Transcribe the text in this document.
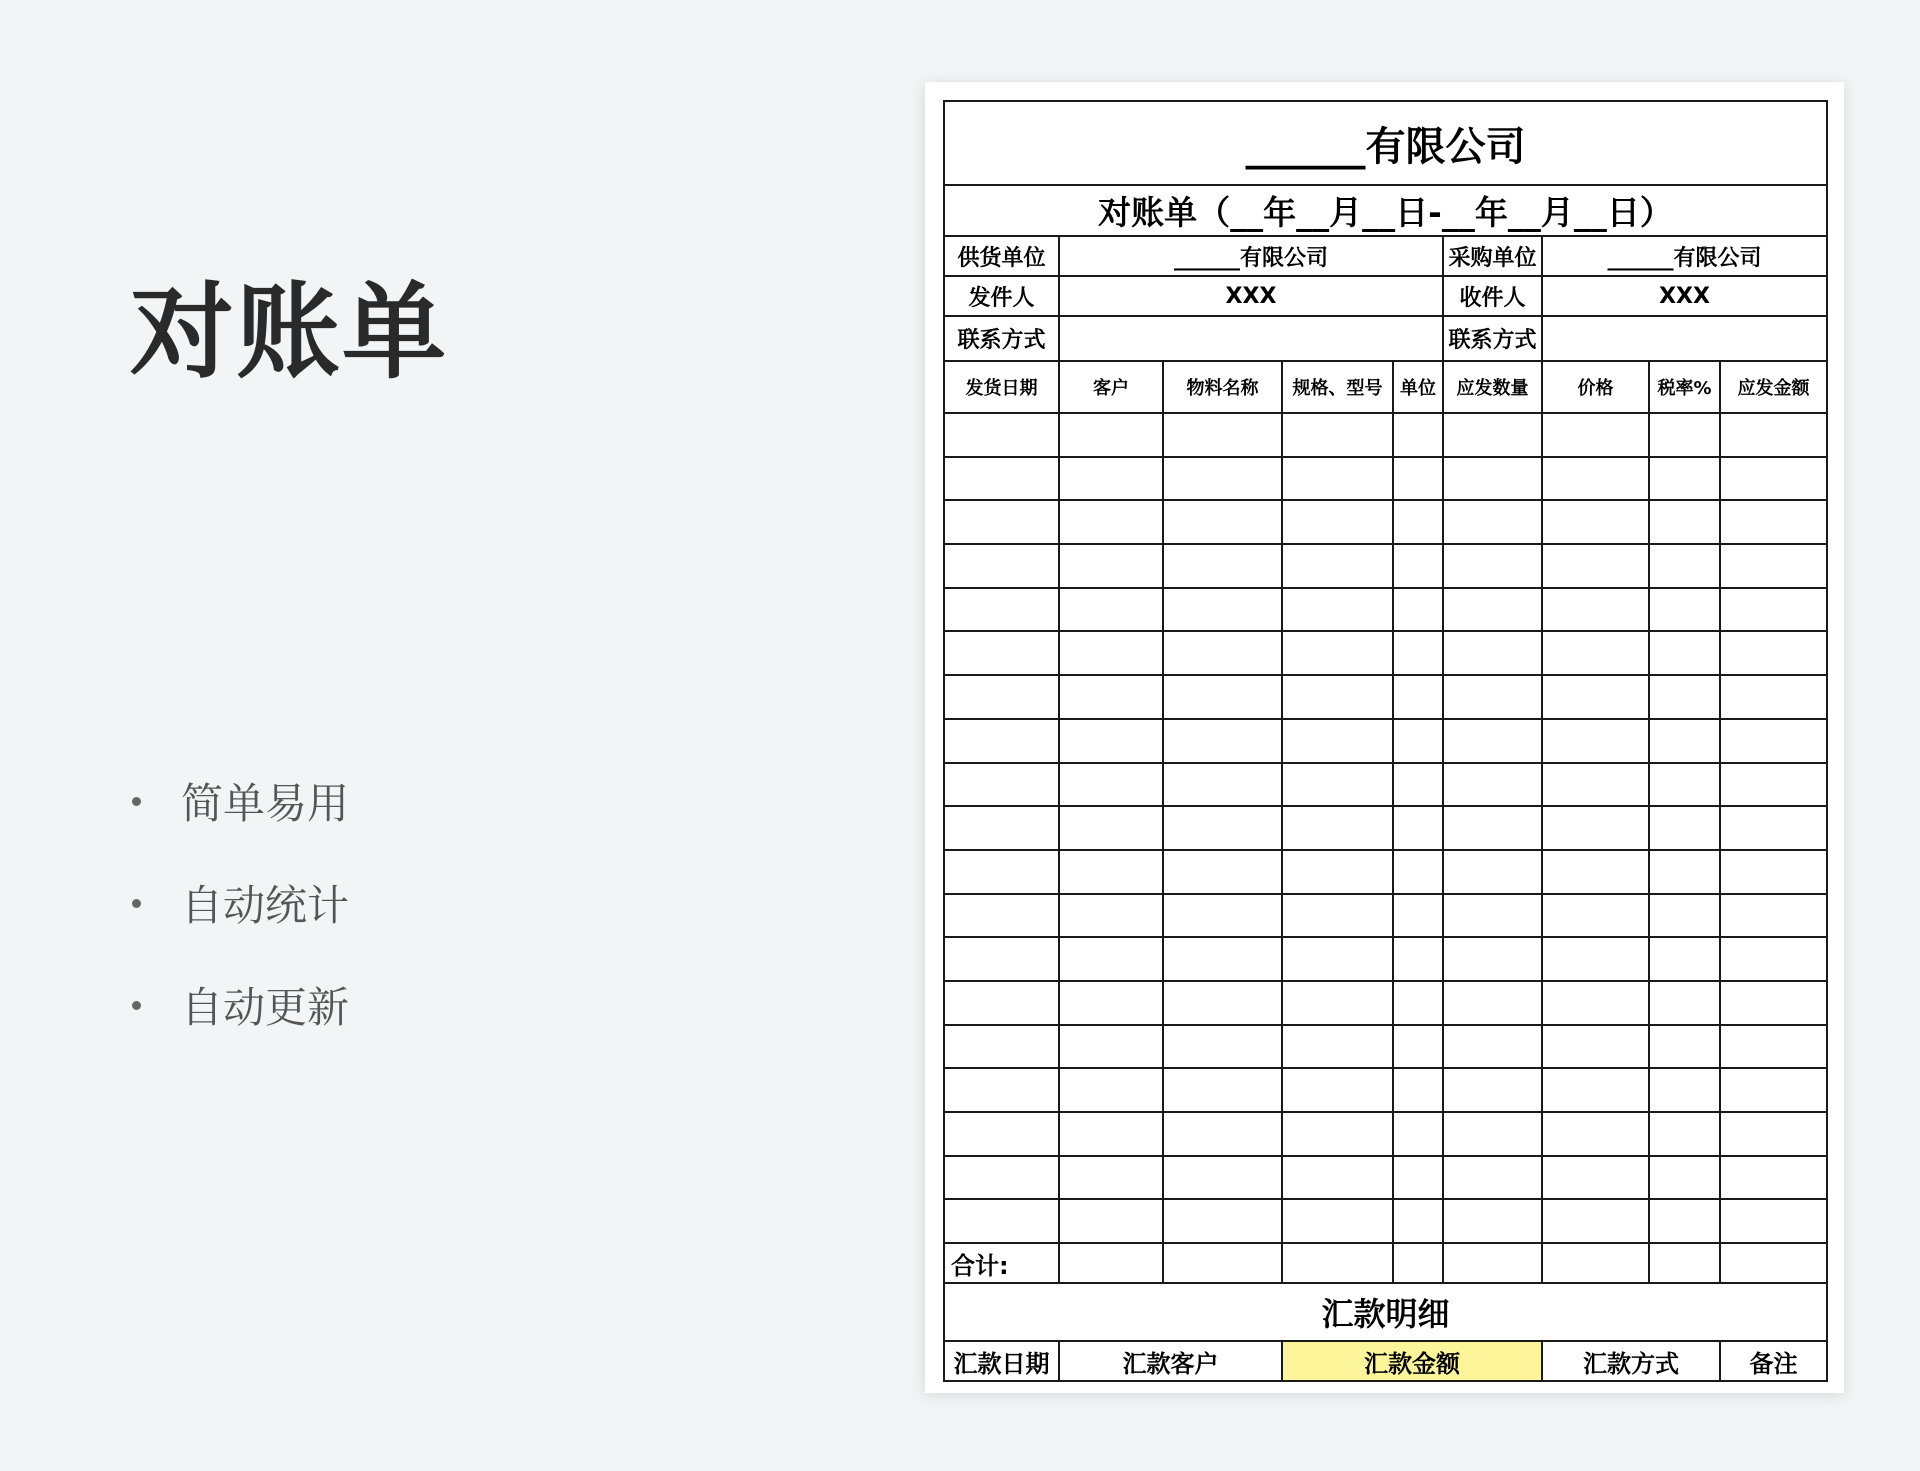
对账单
简单易用
自动统计
自动更新
______有限公司								
对账单（__年__月__日-__年__月__日）								
供货单位	______有限公司				采购单位	______有限公司		
发件人	XXX				收件人	XXX		
联系方式					联系方式			
发货日期	客户	物料名称	规格、型号	单位	应发数量	价格	税率%	应发金额

合计:								
汇款明细								
汇款日期	汇款客户		汇款金额			汇款方式		备注
